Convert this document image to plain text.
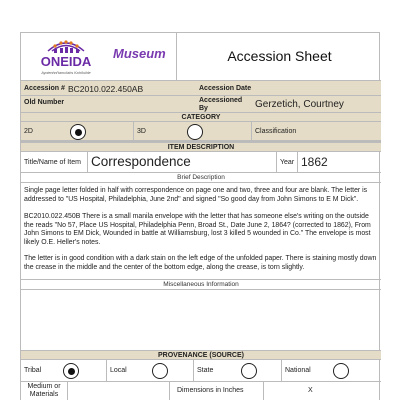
ONEIDA
Ayotenhni'tamʌ'tahs Ka'nikúhle
Museum	Accession Sheet
Accession # BC2010.022.450AB	Accession Date
Old Number	Accessioned By	Gerzetich, Courtney
CATEGORY
2D	3D	Classification
ITEM DESCRIPTION
Title/Name of Item Correspondence	Year 1862
Brief Description
Single page letter folded in half with correspondence on page one and two, three and four are blank. The letter is addressed to "US Hospital, Philadelphia, June 2nd" and signed "So good day from John Simons to E M Dick".
BC2010.022.450B There is a small manila envelope with the letter that has someone else's writing on the outside the reads "No 57, Place US Hospital, Philadelphia Penn, Broad St., Date June 2, 1864? (corrected to 1862), From John Simons to EM Dick, Wounded in battle at Williamsburg, lost 3 killed 5 wounded in Co." The envelope is most likely O.E. Heller's notes.
The letter is in good condition with a dark stain on the left edge of the unfolded paper. There is staining mostly down the crease in the middle and the center of the bottom edge, along the crease, is torn slightly.
Miscellaneous Information
PROVENANCE (SOURCE)
Tribal	Local	State	National
Medium or Materials
Dimensions in Inches	X
